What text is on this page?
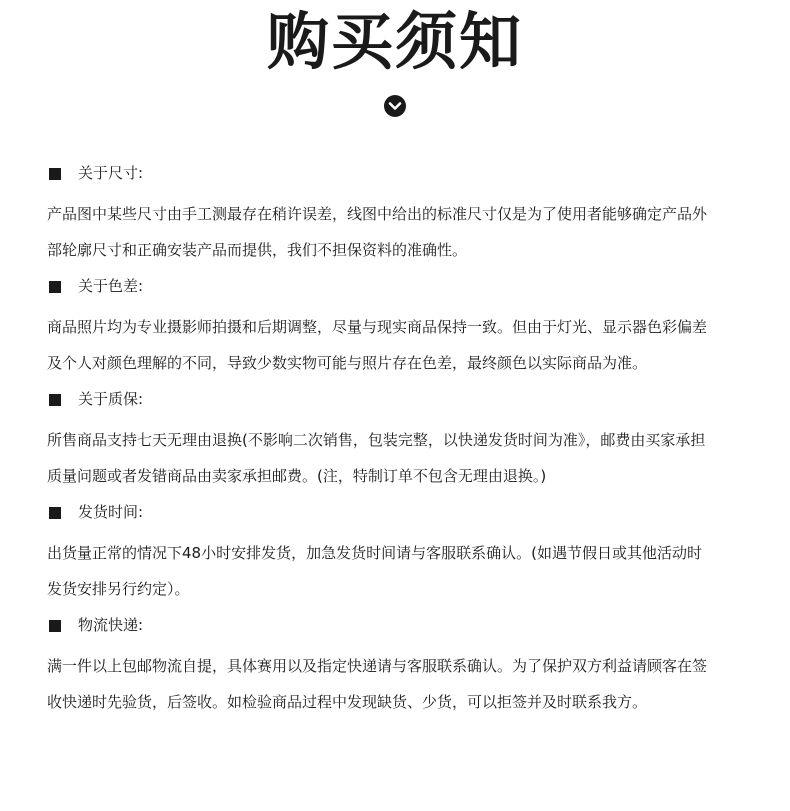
购买须知
关于尺寸:
产品图中某些尺寸由手工测最存在稍许误差，线图中给出的标准尺寸仅是为了使用者能够确定产品外
部轮廓尺寸和正确安装产品而提供，我们不担保资料的准确性。
关于色差:
商品照片均为专业摄影师拍摄和后期调整，尽量与现实商品保持一致。但由于灯光、显示器色彩偏差
及个人对颜色理解的不同，导致少数实物可能与照片存在色差，最终颜色以实际商品为准。
关于质保:
所售商品支持七天无理由退换(不影响二次销售，包装完整，以快递发货时间为准》，邮费由买家承担
质量问题或者发错商品由卖家承担邮费。(注，特制订单不包含无理由退换。)
发货时间:
出货量正常的情况下48小时安排发货，加急发货时间请与客服联系确认。(如遇节假日或其他活动时
发货安排另行约定）。
物流快递:
满一件以上包邮物流自提，具体赛用以及指定快递请与客服联系确认。为了保护双方利益请顾客在签
收快递时先验货，后签收。如检验商品过程中发现缺货、少货，可以拒签并及时联系我方。
